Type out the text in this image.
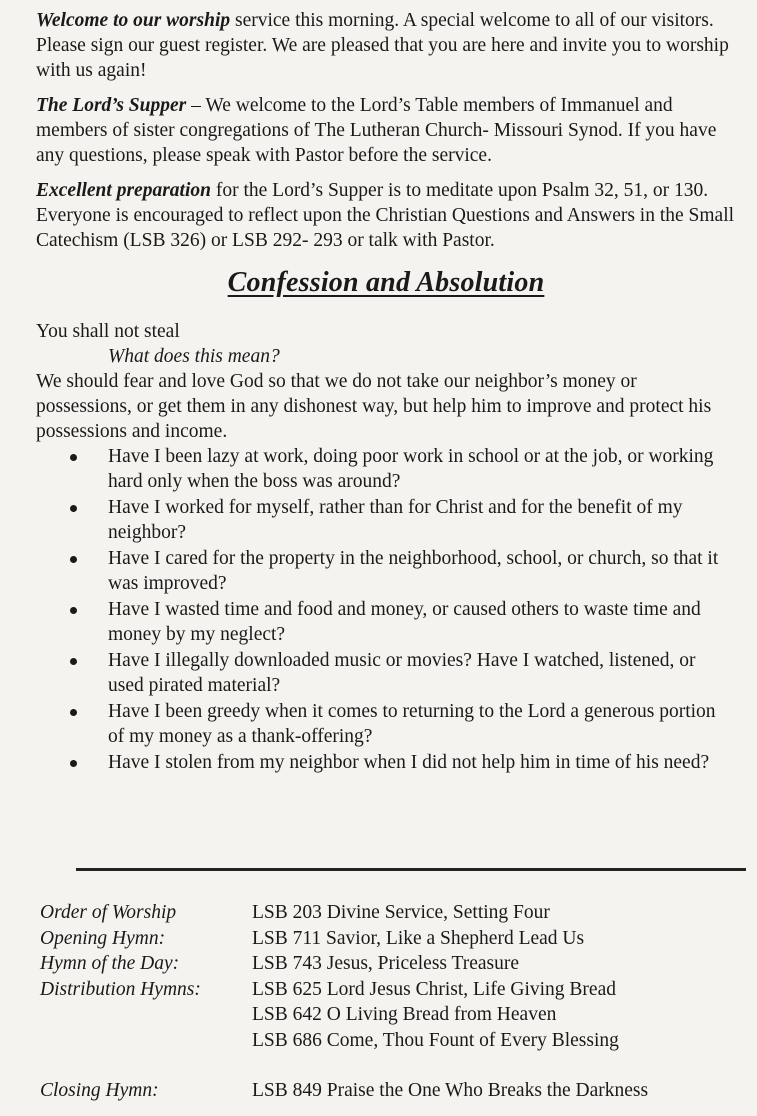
Welcome to our worship service this morning. A special welcome to all of our visitors. Please sign our guest register. We are pleased that you are here and invite you to worship with us again!

The Lord’s Supper – We welcome to the Lord’s Table members of Immanuel and members of sister congregations of The Lutheran Church- Missouri Synod. If you have any questions, please speak with Pastor before the service.

Excellent preparation for the Lord’s Supper is to meditate upon Psalm 32, 51, or 130. Everyone is encouraged to reflect upon the Christian Questions and Answers in the Small Catechism (LSB 326) or LSB 292- 293 or talk with Pastor.

Confession and Absolution

You shall not steal

What does this mean?

We should fear and love God so that we do not take our neighbor’s money or possessions, or get them in any dishonest way, but help him to improve and protect his possessions and income.

Have I been lazy at work, doing poor work in school or at the job, or working hard only when the boss was around?
Have I worked for myself, rather than for Christ and for the benefit of my neighbor?
Have I cared for the property in the neighborhood, school, or church, so that it was improved?
Have I wasted time and food and money, or caused others to waste time and money by my neglect?
Have I illegally downloaded music or movies? Have I watched, listened, or used pirated material?
Have I been greedy when it comes to returning to the Lord a generous portion of my money as a thank-offering?
Have I stolen from my neighbor when I did not help him in time of his need?
Order of Worship	LSB 203 Divine Service, Setting Four
Opening Hymn:	LSB 711 Savior, Like a Shepherd Lead Us
Hymn of the Day:	LSB 743 Jesus, Priceless Treasure
Distribution Hymns:	LSB 625 Lord Jesus Christ, Life Giving Bread
LSB 642 O Living Bread from Heaven
LSB 686 Come, Thou Fount of Every Blessing
Closing Hymn:	LSB 849 Praise the One Who Breaks the Darkness
